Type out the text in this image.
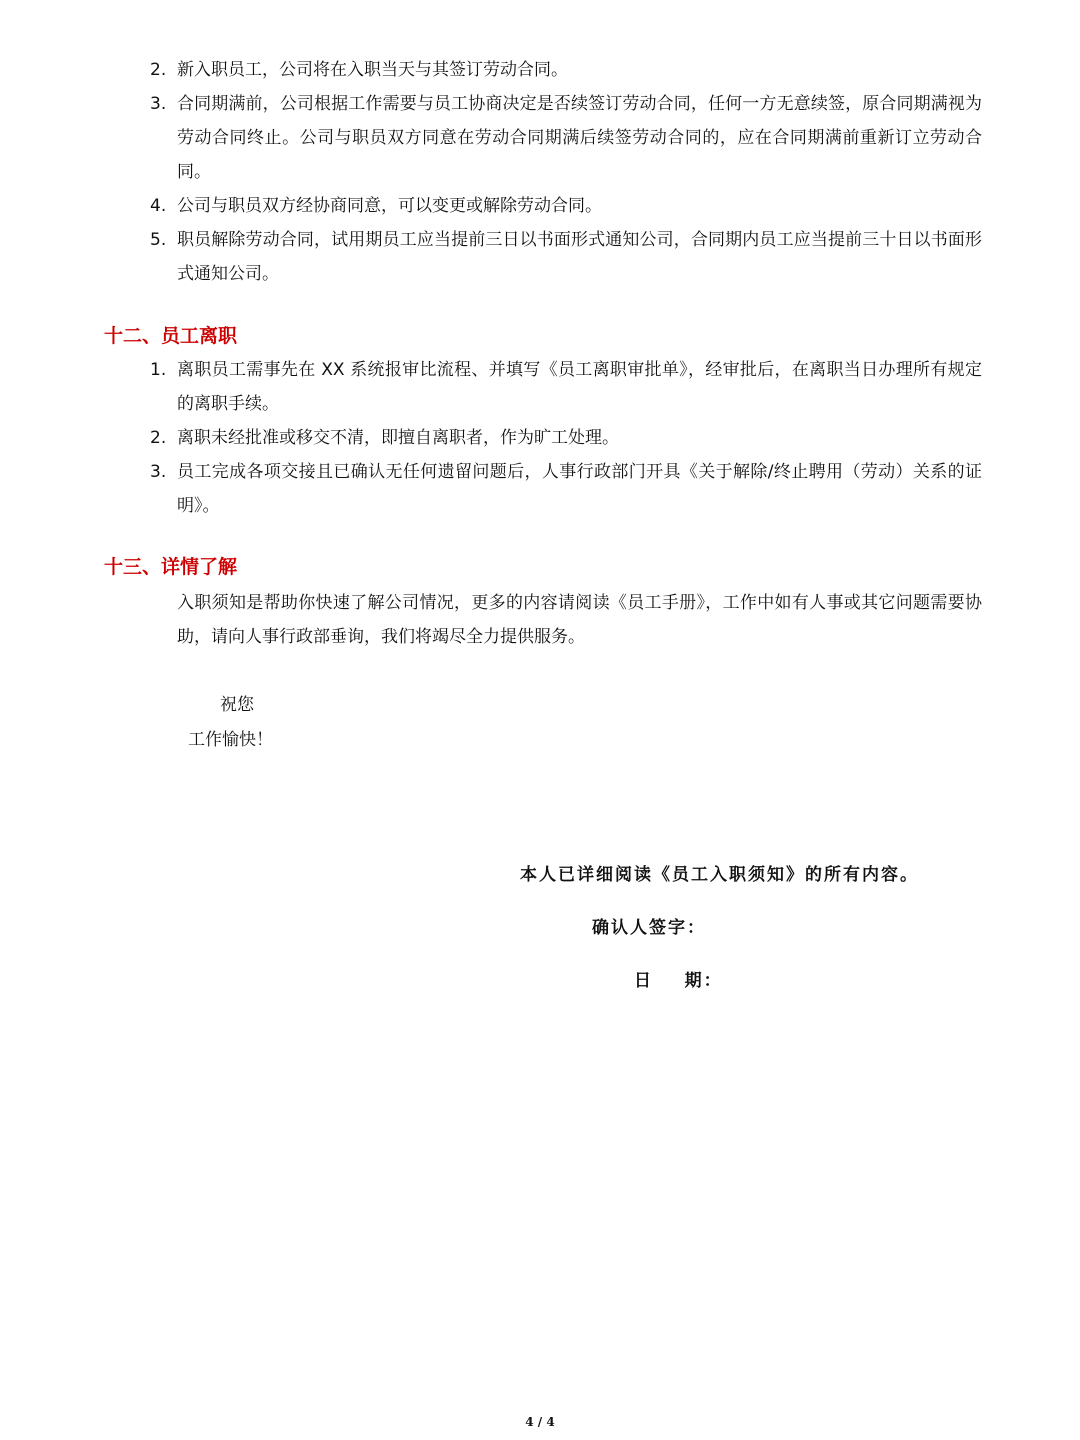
2. 新入职员工，公司将在入职当天与其签订劳动合同。
3. 合同期满前，公司根据工作需要与员工协商决定是否续签订劳动合同，任何一方无意续签，原合同期满视为劳动合同终止。公司与职员双方同意在劳动合同期满后续签劳动合同的，应在合同期满前重新订立劳动合同。
4. 公司与职员双方经协商同意，可以变更或解除劳动合同。
5. 职员解除劳动合同，试用期员工应当提前三日以书面形式通知公司，合同期内员工应当提前三十日以书面形式通知公司。
十二、员工离职
1. 离职员工需事先在 XX 系统报审比流程、并填写《员工离职审批单》，经审批后，在离职当日办理所有规定的离职手续。
2. 离职未经批准或移交不清，即擅自离职者，作为旷工处理。
3. 员工完成各项交接且已确认无任何遗留问题后，人事行政部门开具《关于解除/终止聘用（劳动）关系的证明》。
十三、详情了解

入职须知是帮助你快速了解公司情况，更多的内容请阅读《员工手册》，工作中如有人事或其它问题需要协助，请向人事行政部垂询，我们将竭尽全力提供服务。

祝您
工作愉快！
本人已详细阅读《员工入职须知》的所有内容。
确认人签字：
日    期：
4 / 4
